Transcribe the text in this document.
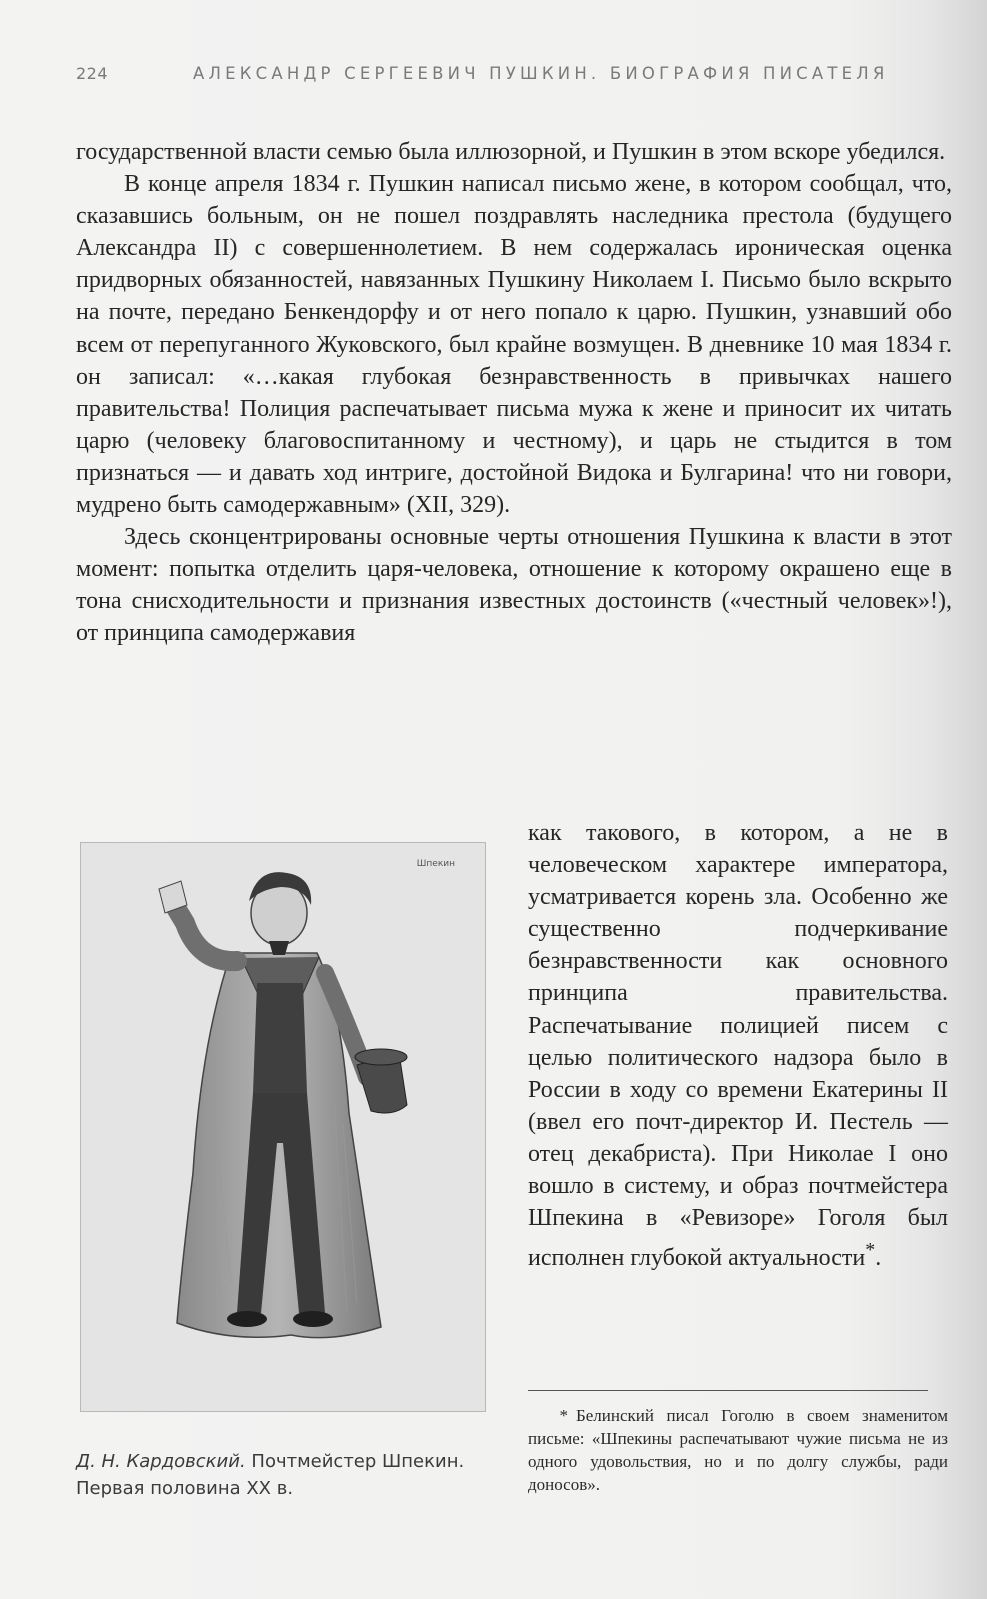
224	АЛЕКСАНДР СЕРГЕЕВИЧ ПУШКИН. БИОГРАФИЯ ПИСАТЕЛЯ

государственной власти семью была иллюзорной, и Пушкин в этом вскоре убедился.

В конце апреля 1834 г. Пушкин написал письмо жене, в котором сообщал, что, сказавшись больным, он не пошел поздравлять наследника престола (будущего Александра II) с совершеннолетием. В нем содержалась ироническая оценка придворных обязанностей, навязанных Пушкину Николаем I. Письмо было вскрыто на почте, передано Бенкендорфу и от него попало к царю. Пушкин, узнавший обо всем от перепуганного Жуковского, был крайне возмущен. В дневнике 10 мая 1834 г. он записал: «…какая глубокая безнравственность в привычках нашего правительства! Полиция распечатывает письма мужа к жене и приносит их читать царю (человеку благовоспитанному и честному), и царь не стыдится в том признаться — и давать ход интриге, достойной Видока и Булгарина! что ни говори, мудрено быть самодержавным» (XII, 329).

Здесь сконцентрированы основные черты отношения Пушкина к власти в этот момент: попытка отделить царя-человека, отношение к которому окрашено еще в тона снисходительности и признания известных достоинств («честный человек»!), от принципа самодержавия

Шпекин

как такового, в котором, а не в человеческом характере императора, усматривается корень зла. Особенно же существенно подчеркивание безнравственности как основного принципа правительства. Распечатывание полицией писем с целью политического надзора было в России в ходу со времени Екатерины II (ввел его почт-директор И. Пестель — отец декабриста). При Николае I оно вошло в систему, и образ почтмейстера Шпекина в «Ревизоре» Гоголя был исполнен глубокой актуальности*.

* Белинский писал Гоголю в своем знаменитом письме: «Шпекины распечатывают чужие письма не из одного удовольствия, но и по долгу службы, ради доносов».
Д. Н. Кардовский. Почтмейстер Шпекин. Первая половина XX в.
